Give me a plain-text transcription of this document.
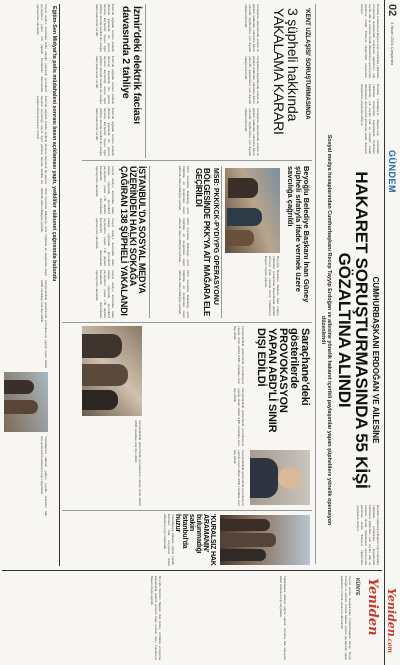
02
3 Nisan 2024 Çarşamba
GÜNDEM
Yeniden.com
CUMHURBAŞKANI ERDOĞAN VE AİLESİNE
HAKARET SORUŞTURMASINDA 55 KİŞİ GÖZALTINA ALINDI
Sosyal medya hesaplarından Cumhurbaşkanı Recep Tayyip Erdoğan ve ailesine yönelik hakaret içerikli paylaşımlar yapan şüphelilere yönelik operasyon düzenlendi
İstanbul Cumhuriyet Başsavcılığı tarafından yürütülen soruşturma kapsamında belirlenen şüpheliler, çok sayıda ilde eş zamanlı olarak düzenlenen operasyonla gözaltına alındı. Emniyet ekiplerinin çalışmaları sürüyor.
İstanbul Cumhuriyet Başsavcılığı tarafından yürütülen soruşturma kapsamında belirlenen şüpheliler, çok sayıda ilde eş zamanlı olarak düzenlenen operasyonla gözaltına alındı. Emniyet ekiplerinin çalışmaları sürüyor.
İstanbul Cumhuriyet Başsavcılığı tarafından yürütülen soruşturma kapsamında belirlenen şüpheliler, çok sayıda ilde eş zamanlı olarak düzenlenen operasyonla gözaltına alındı. Emniyet ekiplerinin çalışmaları sürüyor.
'KENT UZLAŞISI' SORUŞTURMASINDA
3 şüpheli hakkında YAKALAMA KARARI
Soruşturma kapsamında aranan üç şüpheli hakkında yakalama kararı çıkarıldı. Şüphelilerin yurt dışında olduğu belirlendi.
Soruşturma kapsamında aranan üç şüpheli hakkında yakalama kararı çıkarıldı. Şüphelilerin yurt dışında olduğu belirlendi.
Soruşturma kapsamında aranan üç şüpheli hakkında yakalama kararı çıkarıldı. Şüphelilerin yurt dışında olduğu belirlendi.
İzmir'deki elektrik faciası davasında 2 tahliye
İzmir'de sağanak sonrası elektrik akımına kapılarak iki gencin hayatını kaybettiği olayla ilgili görülen davada tutuklu iki sanığın tahliyesine karar verildi.
İzmir'de sağanak sonrası elektrik akımına kapılarak iki gencin hayatını kaybettiği olayla ilgili görülen davada tutuklu iki sanığın tahliyesine karar verildi.
İzmir'de sağanak sonrası elektrik akımına kapılarak iki gencin hayatını kaybettiği olayla ilgili görülen davada tutuklu iki sanığın tahliyesine karar verildi.
Beyoğlu Belediye Başkanı İnan Güney şüpheli sıfatıyla ifade vermek üzere savcılığa çağrıldı
Beyoğlu Belediye Başkanı İnan Güney, yürütülen soruşturma kapsamında şüpheli sıfatıyla ifade vermek üzere Cumhuriyet Başsavcılığına çağrıldı.
MSB: PKK/KCK-PYD/YPG OPERASYONU
BÖLGESİNDE PKK'YA AİT MAĞARA ELE GEÇİRİLDİ
Milli Savunma Bakanlığı, terör örgütüne ait mağaranın tespit edilerek imha edildiğini açıkladı.
Milli Savunma Bakanlığı, terör örgütüne ait mağaranın tespit edilerek imha edildiğini açıkladı.
Milli Savunma Bakanlığı, terör örgütüne ait mağaranın tespit edilerek imha edildiğini açıkladı.
İSTANBUL'DA SOSYAL MEDYA ÜZERİNDEN HALKI SOKAĞA ÇAĞIRAN 138 ŞÜPHELİ YAKALANDI
Sosyal medya üzerinden halkı sokağa çağırarak provokatif paylaşımlar yapan 138 şüpheli İstanbul'da düzenlenen operasyonla yakalandı.
Sosyal medya üzerinden halkı sokağa çağırarak provokatif paylaşımlar yapan 138 şüpheli İstanbul'da düzenlenen operasyonla yakalandı.
Sosyal medya üzerinden halkı sokağa çağırarak provokatif paylaşımlar yapan 138 şüpheli İstanbul'da düzenlenen operasyonla yakalandı.
Saraçhane'deki gösterilerde PROVOKASYON YAPAN ABD'Lİ SINIR DIŞI EDİLDİ
Saraçhane'deki gösterilerde provokasyon yaptığı tespit edilen ABD vatandaşı sınır dışı edildi.
Saraçhane'deki gösterilerde provokasyon yaptığı tespit edilen ABD vatandaşı sınır dışı edildi.
Saraçhane'deki gösterilerde provokasyon yaptığı tespit edilen ABD vatandaşı sınır dışı edildi.
Saraçhane'deki gösterilerde provokasyon yaptığı tespit edilen ABD vatandaşı sınır dışı edildi.
'KURALSIZ HAK ARAMANIN' bulunmadığı sakin İstanbul'da huzur
Vatandaşlara sükunet çağrısı yapıldı. Kuralsız hak arayışının kabul edilemeyeceği vurgulandı.
Eğitim-Sen Midyat'ta polis müdahalesi sonrası basın açıklaması yaptı, yetkililer sükunet çağrısında bulundu
Sosyal medya üzerinden halkı sokağa çağırarak provokatif paylaşımlar yapan 138 şüpheli İstanbul'da düzenlenen operasyonla yakalandı.
İzmir'de sağanak sonrası elektrik akımına kapılarak iki gencin hayatını kaybettiği olayla ilgili görülen davada tutuklu iki sanığın tahliyesine karar verildi.
Milli Savunma Bakanlığı, terör örgütüne ait mağaranın tespit edilerek imha edildiğini açıkladı.
Saraçhane'deki gösterilerde provokasyon yaptığı tespit edilen ABD vatandaşı sınır dışı edildi.
Vatandaşlara sükunet çağrısı yapıldı. Kuralsız hak arayışının kabul edilemeyeceği vurgulandı.
Yeniden
KÜNYE
Sosyal medya hesaplarından Cumhurbaşkanı Recep Tayyip Erdoğan ve ailesine yönelik hakaret içerikli paylaşımlar yapan şüphelilere yönelik operasyon düzenlendi
Vatandaşlara sükunet çağrısı yapıldı. Kuralsız hak arayışının kabul edilemeyeceği vurgulandı.
Beyoğlu Belediye Başkanı İnan Güney, yürütülen soruşturma kapsamında şüpheli sıfatıyla ifade vermek üzere Cumhuriyet Başsavcılığına çağrıldı.
